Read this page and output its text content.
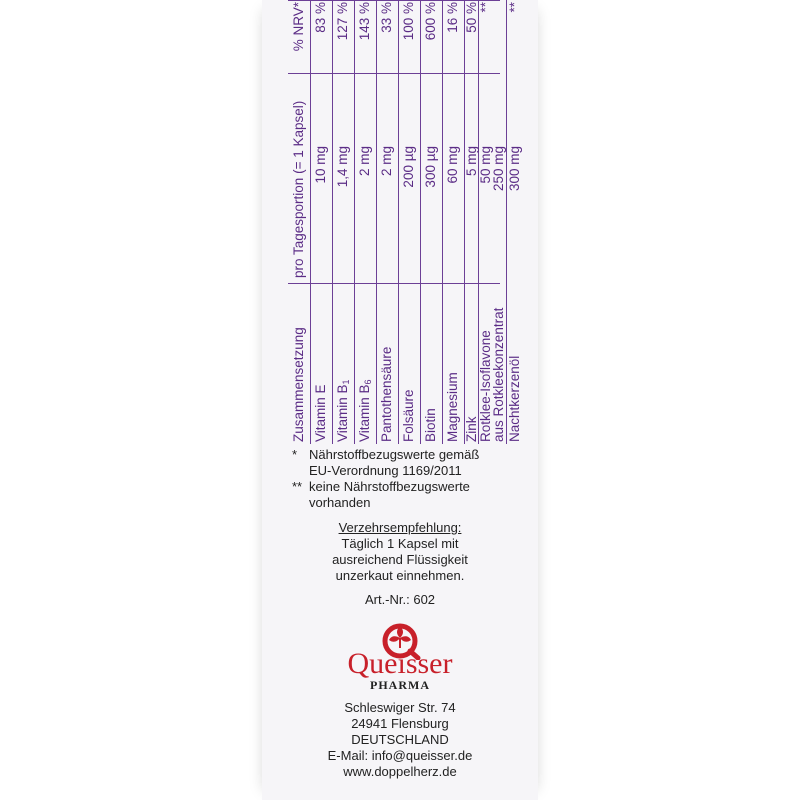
Zusammensetzung
pro Tagesportion (= 1 Kapsel)
% NRV*
Vitamin E
10 mg
83 %
Vitamin $B_1$
1,4 mg
127 %
Vitamin $B_6$
2 mg
143 %
Pantothensäure
2 mg
33 %
Folsäure
200 µg
100 %
Biotin
300 µg
600 %
Magnesium
60 mg
16 %
Zink
5 mg
50 %
Rotklee-Isoflavone
50 mg
**
aus Rotkleekonzentrat
250 mg
Nachtkerzenöl
300 mg
**
* Nährstoffbezugswerte gemäß
EU-Verordnung 1169/2011
** keine Nährstoffbezugswerte
vorhanden
Verzehrsempfehlung:
Täglich 1 Kapsel mit
ausreichend Flüssigkeit
unzerkaut einnehmen.
Art.-Nr.: 602
Queisser
PHARMA
Schleswiger Str. 74
24941 Flensburg
DEUTSCHLAND
E-Mail: info@queisser.de
www.doppelherz.de
